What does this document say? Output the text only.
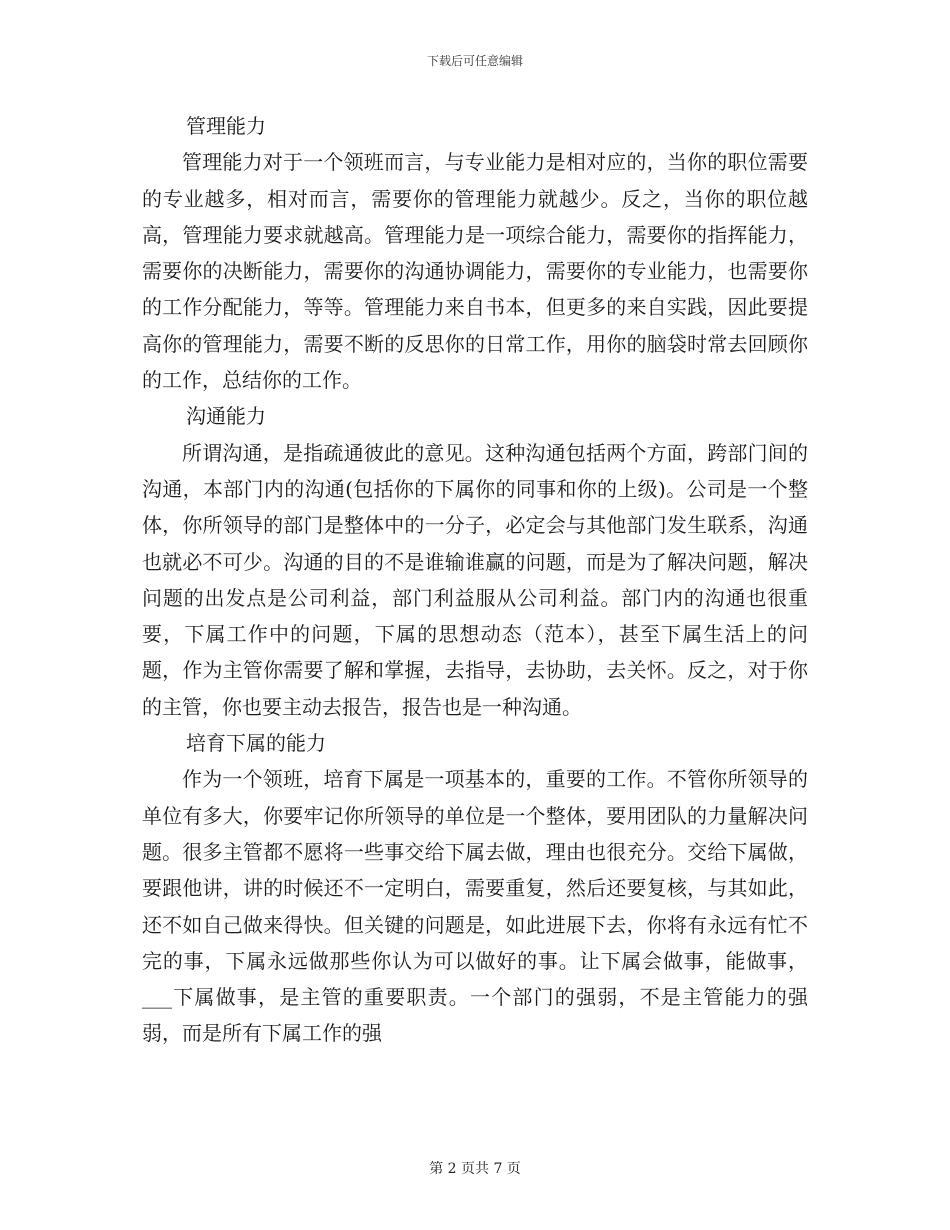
下载后可任意编辑

管理能力

管理能力对于一个领班而言，与专业能力是相对应的，当你的职位需要的专业越多，相对而言，需要你的管理能力就越少。反之，当你的职位越高，管理能力要求就越高。管理能力是一项综合能力，需要你的指挥能力，需要你的决断能力，需要你的沟通协调能力，需要你的专业能力，也需要你的工作分配能力，等等。管理能力来自书本，但更多的来自实践，因此要提高你的管理能力，需要不断的反思你的日常工作，用你的脑袋时常去回顾你的工作，总结你的工作。

沟通能力

所谓沟通，是指疏通彼此的意见。这种沟通包括两个方面，跨部门间的沟通，本部门内的沟通(包括你的下属你的同事和你的上级)。公司是一个整体，你所领导的部门是整体中的一分子，必定会与其他部门发生联系，沟通也就必不可少。沟通的目的不是谁输谁赢的问题，而是为了解决问题，解决问题的出发点是公司利益，部门利益服从公司利益。部门内的沟通也很重要，下属工作中的问题，下属的思想动态（范本），甚至下属生活上的问题，作为主管你需要了解和掌握，去指导，去协助，去关怀。反之，对于你的主管，你也要主动去报告，报告也是一种沟通。

培育下属的能力

作为一个领班，培育下属是一项基本的，重要的工作。不管你所领导的单位有多大，你要牢记你所领导的单位是一个整体，要用团队的力量解决问题。很多主管都不愿将一些事交给下属去做，理由也很充分。交给下属做，要跟他讲，讲的时候还不一定明白，需要重复，然后还要复核，与其如此，还不如自己做来得快。但关键的问题是，如此进展下去，你将有永远有忙不完的事，下属永远做那些你认为可以做好的事。让下属会做事，能做事，___下属做事，是主管的重要职责。一个部门的强弱，不是主管能力的强弱，而是所有下属工作的强

第 2 页共 7 页
